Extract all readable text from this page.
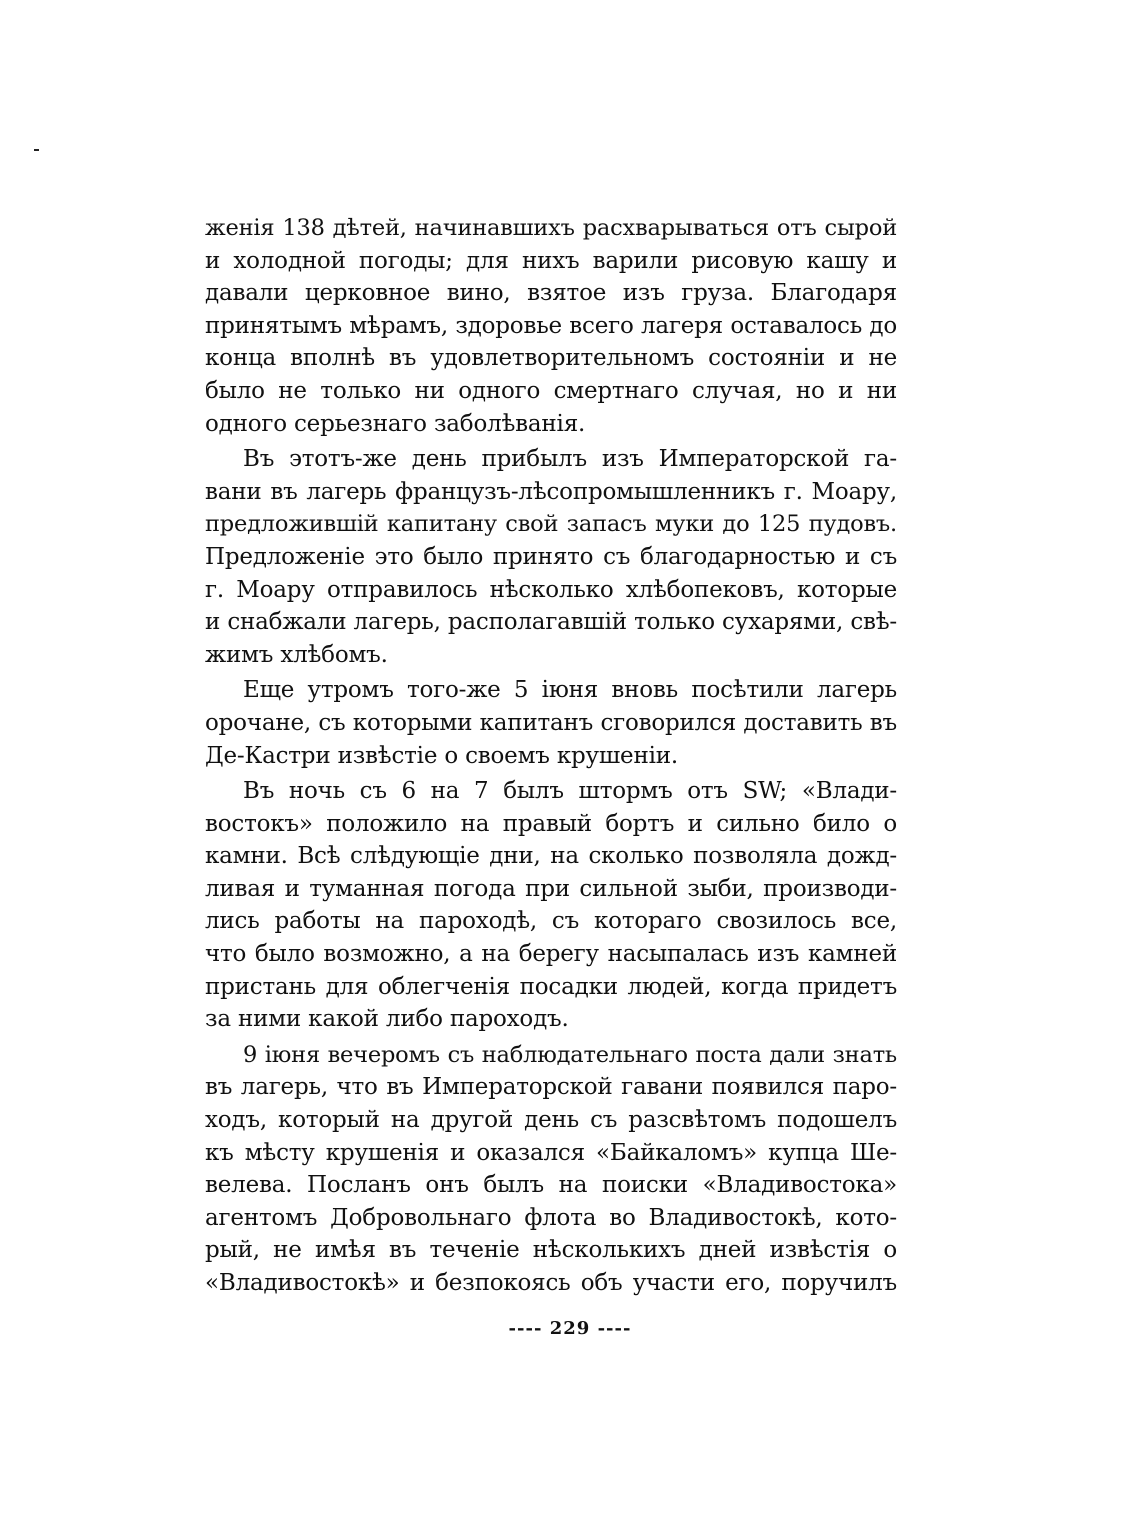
женія 138 дѣтей, начинавшихъ расхварываться отъ сырой
и холодной погоды; для нихъ варили рисовую кашу и
давали церковное вино, взятое изъ груза. Благодаря
принятымъ мѣрамъ, здоровье всего лагеря оставалось до
конца вполнѣ въ удовлетворительномъ состояніи и не
было не только ни одного смертнаго случая, но и ни
одного серьезнаго заболѣванія.
Въ этотъ-же день прибылъ изъ Императорской га-
вани въ лагерь французъ-лѣсопромышленникъ г. Моару,
предложившій капитану свой запасъ муки до 125 пудовъ.
Предложеніе это было принято съ благодарностью и съ
г. Моару отправилось нѣсколько хлѣбопековъ, которые
и снабжали лагерь, располагавшій только сухарями, свѣ-
жимъ хлѣбомъ.
Еще утромъ того-же 5 іюня вновь посѣтили лагерь
орочане, съ которыми капитанъ сговорился доставить въ
Де-Кастри извѣстіе о своемъ крушеніи.
Въ ночь съ 6 на 7 былъ штормъ отъ SW; «Влади-
востокъ» положило на правый бортъ и сильно било о
камни. Всѣ слѣдующіе дни, на сколько позволяла дожд-
ливая и туманная погода при сильной зыби, производи-
лись работы на пароходѣ, съ котораго свозилось все,
что было возможно, а на берегу насыпалась изъ камней
пристань для облегченія посадки людей, когда придетъ
за ними какой либо пароходъ.
9 іюня вечеромъ съ наблюдательнаго поста дали знать
въ лагерь, что въ Императорской гавани появился паро-
ходъ, который на другой день съ разсвѣтомъ подошелъ
къ мѣсту крушенія и оказался «Байкаломъ» купца Ше-
велева. Посланъ онъ былъ на поиски «Владивостока»
агентомъ Добровольнаго флота во Владивостокѣ, кото-
рый, не имѣя въ теченіе нѣсколькихъ дней извѣстія о
«Владивостокѣ» и безпокоясь объ участи его, поручилъ
---- 229 ----
